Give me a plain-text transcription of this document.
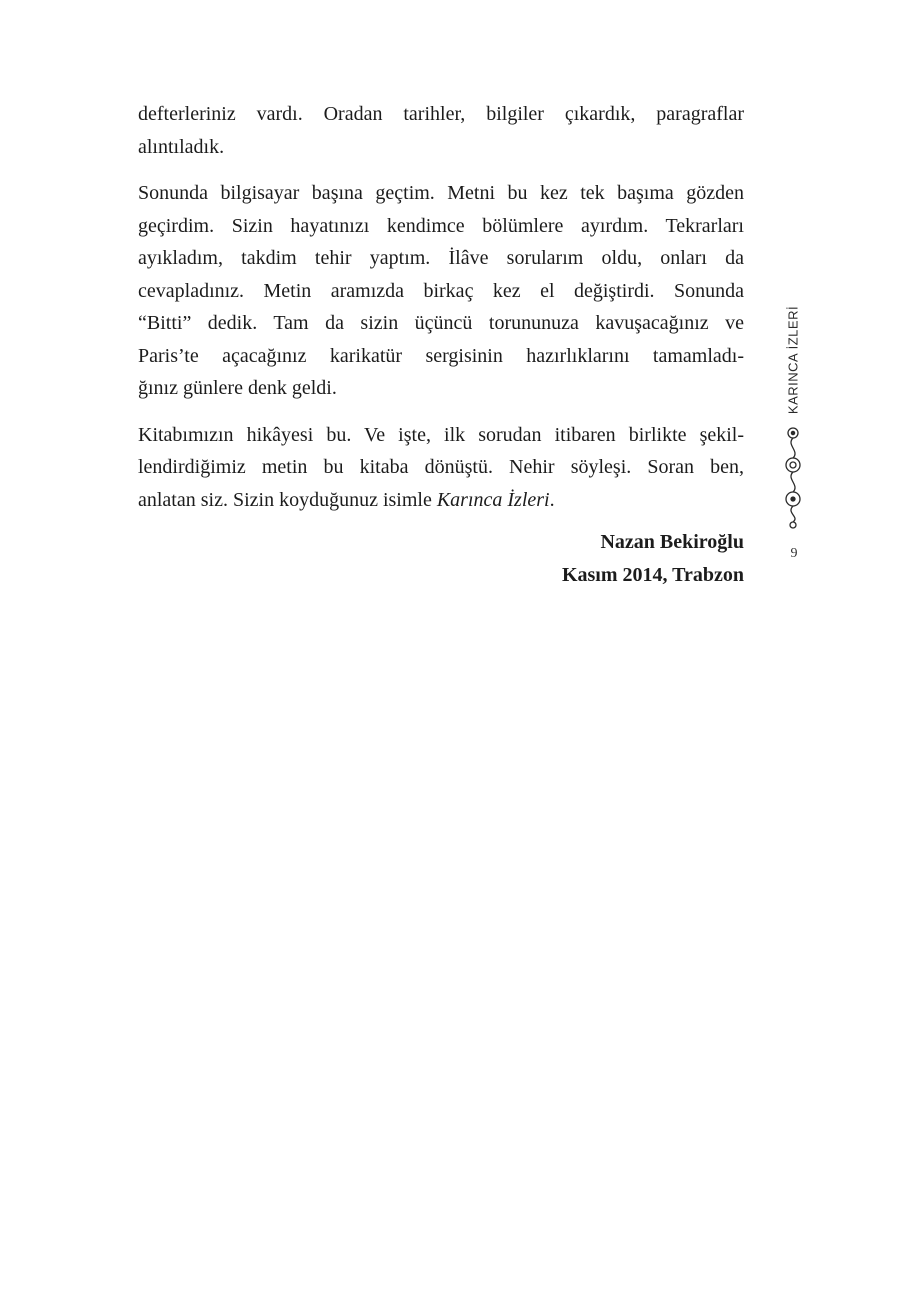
defterleriniz vardı. Oradan tarihler, bilgiler çıkardık, paragraflar
alıntıladık.

Sonunda bilgisayar başına geçtim. Metni bu kez tek başıma gözden
geçirdim. Sizin hayatınızı kendimce bölümlere ayırdım. Tekrarları
ayıkladım, takdim tehir yaptım. İlâve sorularım oldu, onları da
cevapladınız. Metin aramızda birkaç kez el değiştirdi. Sonunda
“Bitti” dedik. Tam da sizin üçüncü torununuza kavuşacağınız ve
Paris’te açacağınız karikatür sergisinin hazırlıklarını tamamladı-
ğınız günlere denk geldi.

Kitabımızın hikâyesi bu. Ve işte, ilk sorudan itibaren birlikte şekil-
lendirdiğimiz metin bu kitaba dönüştü. Nehir söyleşi. Soran ben,
anlatan siz. Sizin koyduğunuz isimle Karınca İzleri.

Nazan Bekiroğlu
Kasım 2014, Trabzon
KARINCA İZLERİ
9
